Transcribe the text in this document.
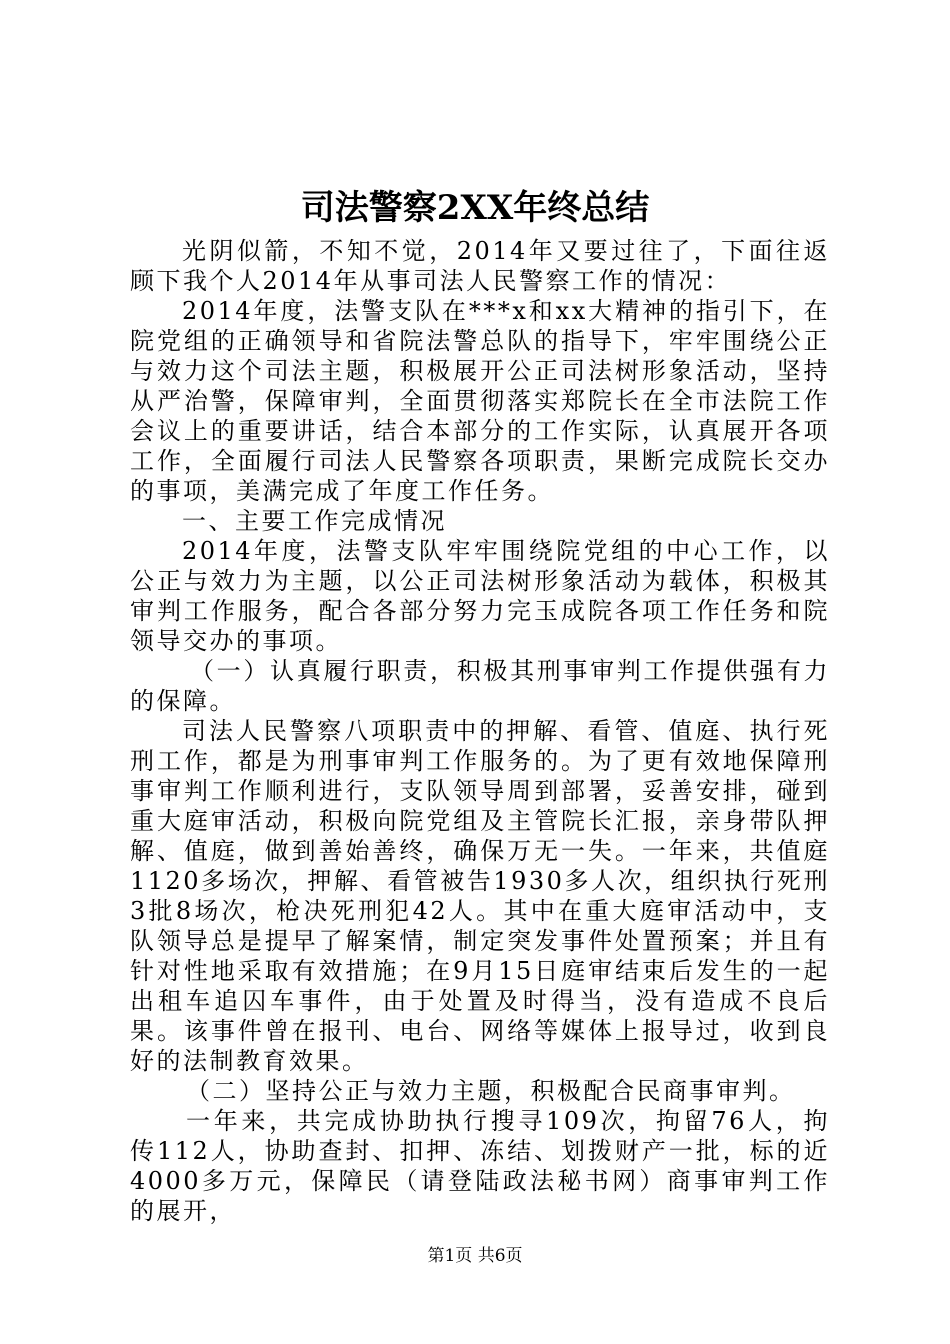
司法警察2XX年终总结

光阴似箭，不知不觉，2014年又要过往了，下面往返顾下我个人2014年从事司法人民警察工作的情况：

2014年度，法警支队在***x和xx大精神的指引下，在院党组的正确领导和省院法警总队的指导下，牢牢围绕公正与效力这个司法主题，积极展开公正司法树形象活动，坚持从严治警，保障审判，全面贯彻落实郑院长在全市法院工作会议上的重要讲话，结合本部分的工作实际，认真展开各项工作，全面履行司法人民警察各项职责，果断完成院长交办的事项，美满完成了年度工作任务。

一、主要工作完成情况

2014年度，法警支队牢牢围绕院党组的中心工作，以公正与效力为主题，以公正司法树形象活动为载体，积极其审判工作服务，配合各部分努力完玉成院各项工作任务和院领导交办的事项。

（一）认真履行职责，积极其刑事审判工作提供强有力的保障。

司法人民警察八项职责中的押解、看管、值庭、执行死刑工作，都是为刑事审判工作服务的。为了更有效地保障刑事审判工作顺利进行，支队领导周到部署，妥善安排，碰到重大庭审活动，积极向院党组及主管院长汇报，亲身带队押解、值庭，做到善始善终，确保万无一失。一年来，共值庭1120多场次，押解、看管被告1930多人次，组织执行死刑3批8场次，枪决死刑犯42人。其中在重大庭审活动中，支队领导总是提早了解案情，制定突发事件处置预案；并且有针对性地采取有效措施；在9月15日庭审结束后发生的一起出租车追囚车事件，由于处置及时得当，没有造成不良后果。该事件曾在报刊、电台、网络等媒体上报导过，收到良好的法制教育效果。

（二）坚持公正与效力主题，积极配合民商事审判。

一年来，共完成协助执行搜寻109次，拘留76人，拘传112人，协助查封、扣押、冻结、划拨财产一批，标的近4000多万元，保障民（请登陆政法秘书网）商事审判工作的展开，

第1页 共6页
